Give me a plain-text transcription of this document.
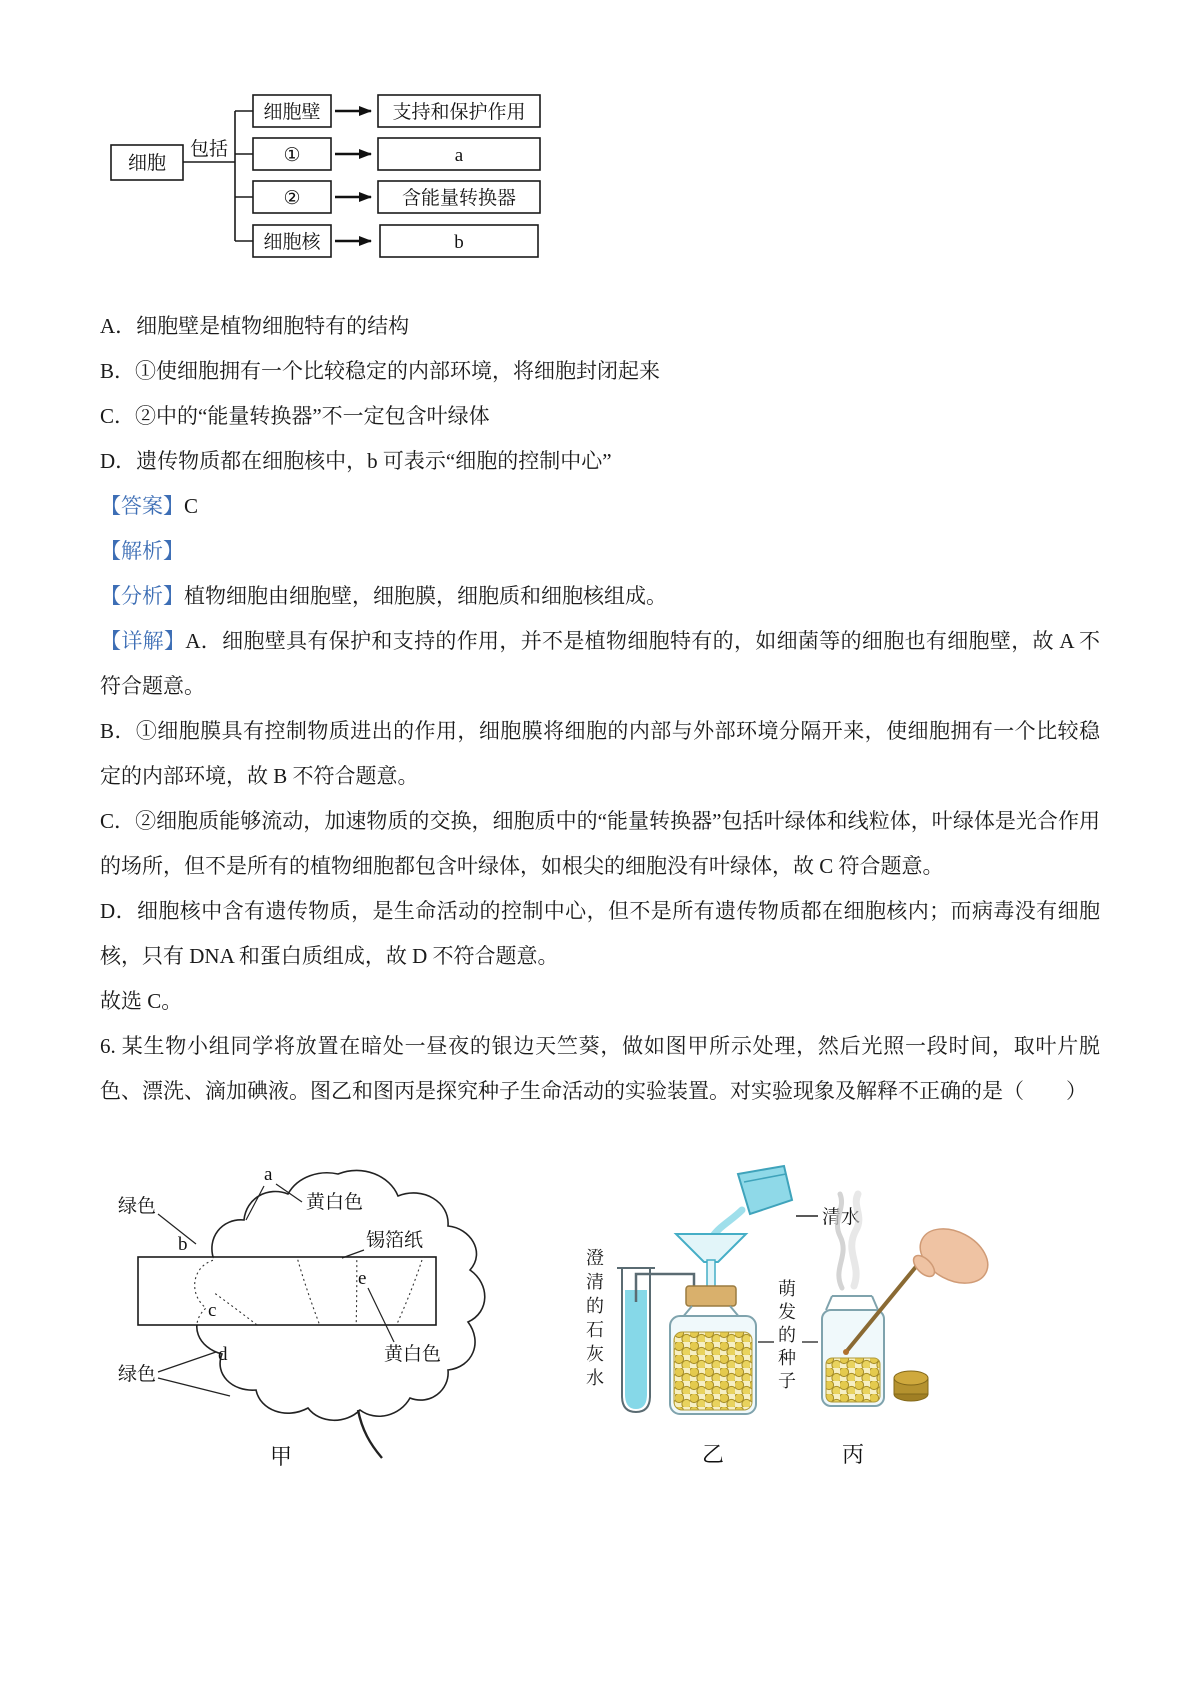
细胞
包括
细胞壁
①
②
细胞核
支持和保护作用
a
含能量转换器
b

A．细胞壁是植物细胞特有的结构

B．①使细胞拥有一个比较稳定的内部环境，将细胞封闭起来

C．②中的“能量转换器”不一定包含叶绿体

D．遗传物质都在细胞核中，b 可表示“细胞的控制中心”

【答案】C

【解析】

【分析】植物细胞由细胞壁，细胞膜，细胞质和细胞核组成。

【详解】A．细胞壁具有保护和支持的作用，并不是植物细胞特有的，如细菌等的细胞也有细胞壁，故 A 不符合题意。

B．①细胞膜具有控制物质进出的作用，细胞膜将细胞的内部与外部环境分隔开来，使细胞拥有一个比较稳定的内部环境，故 B 不符合题意。

C．②细胞质能够流动，加速物质的交换，细胞质中的“能量转换器”包括叶绿体和线粒体，叶绿体是光合作用的场所，但不是所有的植物细胞都包含叶绿体，如根尖的细胞没有叶绿体，故 C 符合题意。

D．细胞核中含有遗传物质，是生命活动的控制中心，但不是所有遗传物质都在细胞核内；而病毒没有细胞核，只有 DNA 和蛋白质组成，故 D 不符合题意。

故选 C。

6. 某生物小组同学将放置在暗处一昼夜的银边天竺葵，做如图甲所示处理，然后光照一段时间，取叶片脱色、漂洗、滴加碘液。图乙和图丙是探究种子生命活动的实验装置。对实验现象及解释不正确的是（　　）

绿色
a
黄白色
锡箔纸
b
c
d
e
黄白色
绿色
甲
清水
乙	丙
澄清的石灰水
萌发的种子
